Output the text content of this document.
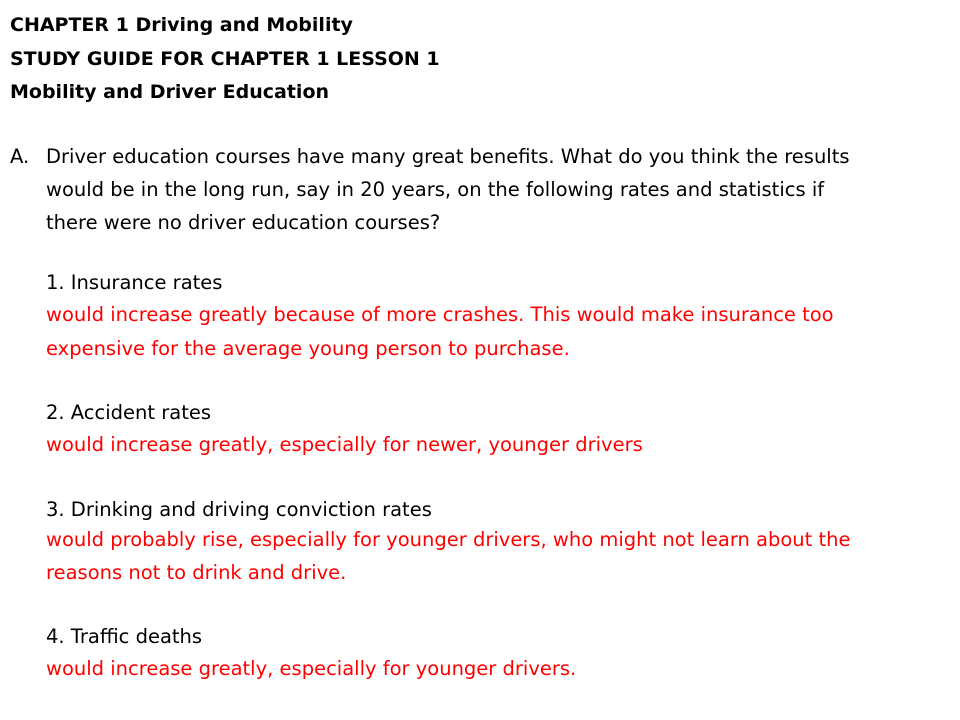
CHAPTER 1 Driving and Mobility
STUDY GUIDE FOR CHAPTER 1 LESSON 1
Mobility and Driver Education
A. Driver education courses have many great benefits. What do you think the results
would be in the long run, say in 20 years, on the following rates and statistics if
there were no driver education courses?
1. Insurance rates
would increase greatly because of more crashes. This would make insurance too
expensive for the average young person to purchase.
2. Accident rates
would increase greatly, especially for newer, younger drivers
3. Drinking and driving conviction rates
would probably rise, especially for younger drivers, who might not learn about the
reasons not to drink and drive.
4. Traffic deaths
would increase greatly, especially for younger drivers.
